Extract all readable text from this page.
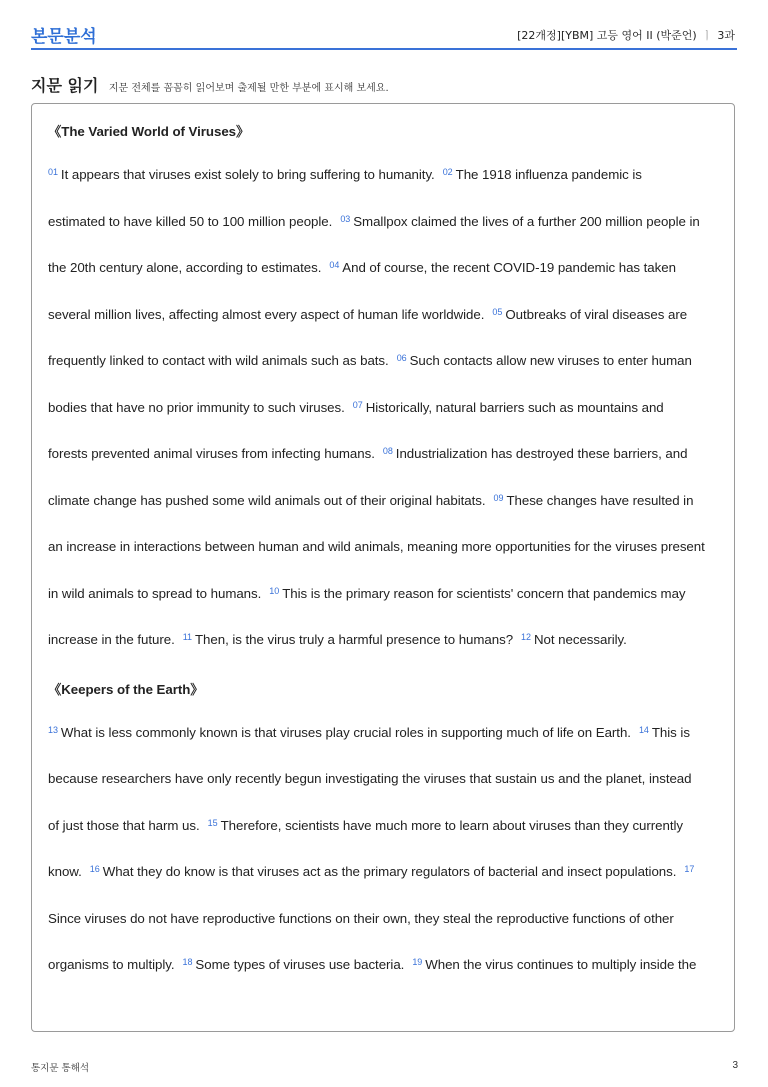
본문분석	[22개정][YBM] 고등 영어 II (박준언) ㅣ 3과
지문 읽기 지문 전체를 꼼꼼히 읽어보며 출제될 만한 부분에 표시해 보세요.
《The Varied World of Viruses》
《Keepers of the Earth》
$^{01}$ It appears that viruses exist solely to bring suffering to humanity. $^{02}$ The 1918 influenza pandemic is
estimated to have killed 50 to 100 million people. $^{03}$ Smallpox claimed the lives of a further 200 million people in
the 20th century alone, according to estimates. $^{04}$ And of course, the recent COVID-19 pandemic has taken
several million lives, affecting almost every aspect of human life worldwide. $^{05}$ Outbreaks of viral diseases are
frequently linked to contact with wild animals such as bats. $^{06}$ Such contacts allow new viruses to enter human
bodies that have no prior immunity to such viruses. $^{07}$ Historically, natural barriers such as mountains and
forests prevented animal viruses from infecting humans. $^{08}$ Industrialization has destroyed these barriers, and
climate change has pushed some wild animals out of their original habitats. $^{09}$ These changes have resulted in
an increase in interactions between human and wild animals, meaning more opportunities for the viruses present
in wild animals to spread to humans. $^{10}$ This is the primary reason for scientists' concern that pandemics may
increase in the future. $^{11}$ Then, is the virus truly a harmful presence to humans? $^{12}$ Not necessarily.
$^{13}$ What is less commonly known is that viruses play crucial roles in supporting much of life on Earth. $^{14}$ This is
because researchers have only recently begun investigating the viruses that sustain us and the planet, instead
of just those that harm us. $^{15}$ Therefore, scientists have much more to learn about viruses than they currently
know. $^{16}$ What they do know is that viruses act as the primary regulators of bacterial and insect populations. $^{17}$
Since viruses do not have reproductive functions on their own, they steal the reproductive functions of other
organisms to multiply. $^{18}$ Some types of viruses use bacteria. $^{19}$ When the virus continues to multiply inside the
통지문 통해석	3
